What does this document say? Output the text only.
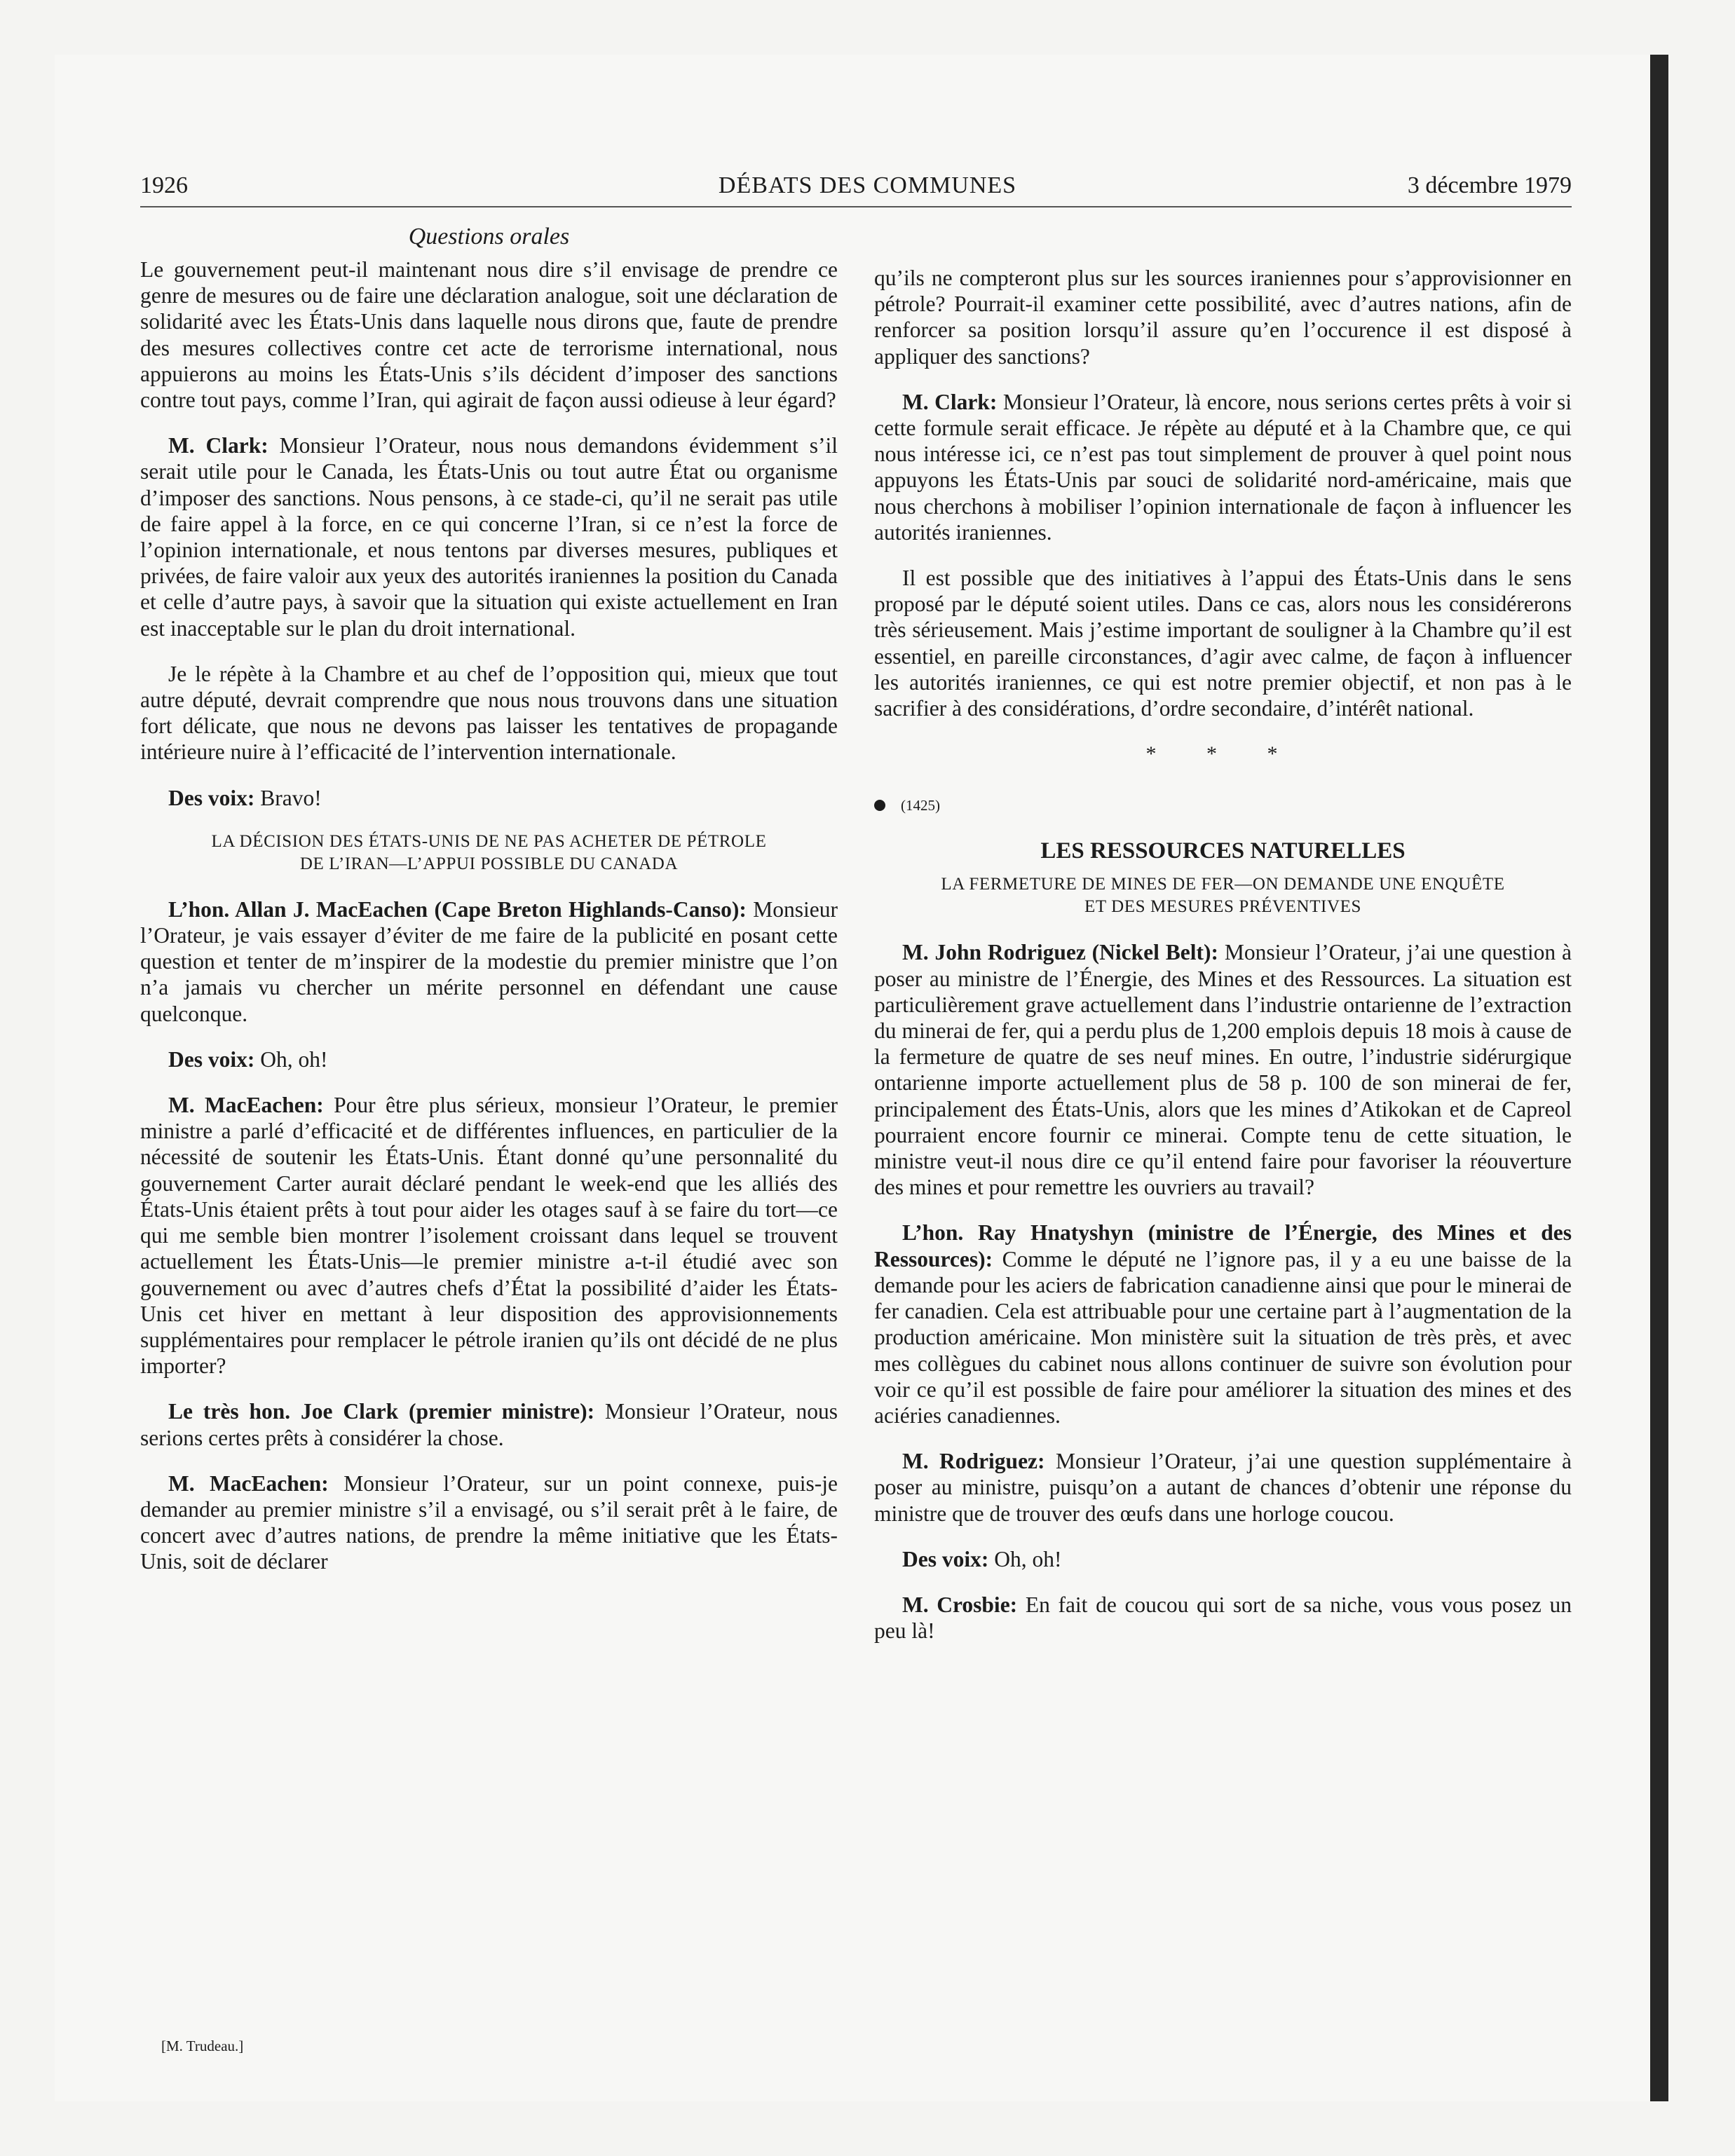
1926	DÉBATS DES COMMUNES	3 décembre 1979
Questions orales

Le gouvernement peut-il maintenant nous dire s’il envisage de prendre ce genre de mesures ou de faire une déclaration analogue, soit une déclaration de solidarité avec les États-Unis dans laquelle nous dirons que, faute de prendre des mesures collectives contre cet acte de terrorisme international, nous appuierons au moins les États-Unis s’ils décident d’imposer des sanctions contre tout pays, comme l’Iran, qui agirait de façon aussi odieuse à leur égard?

M. Clark: Monsieur l’Orateur, nous nous demandons évidemment s’il serait utile pour le Canada, les États-Unis ou tout autre État ou organisme d’imposer des sanctions. Nous pensons, à ce stade-ci, qu’il ne serait pas utile de faire appel à la force, en ce qui concerne l’Iran, si ce n’est la force de l’opinion internationale, et nous tentons par diverses mesures, publiques et privées, de faire valoir aux yeux des autorités iraniennes la position du Canada et celle d’autre pays, à savoir que la situation qui existe actuellement en Iran est inacceptable sur le plan du droit international.

Je le répète à la Chambre et au chef de l’opposition qui, mieux que tout autre député, devrait comprendre que nous nous trouvons dans une situation fort délicate, que nous ne devons pas laisser les tentatives de propagande intérieure nuire à l’efficacité de l’intervention internationale.

Des voix: Bravo!

LA DÉCISION DES ÉTATS-UNIS DE NE PAS ACHETER DE PÉTROLE
DE L’IRAN—L’APPUI POSSIBLE DU CANADA

L’hon. Allan J. MacEachen (Cape Breton Highlands-Canso): Monsieur l’Orateur, je vais essayer d’éviter de me faire de la publicité en posant cette question et tenter de m’inspirer de la modestie du premier ministre que l’on n’a jamais vu chercher un mérite personnel en défendant une cause quelconque.

Des voix: Oh, oh!

M. MacEachen: Pour être plus sérieux, monsieur l’Orateur, le premier ministre a parlé d’efficacité et de différentes influences, en particulier de la nécessité de soutenir les États-Unis. Étant donné qu’une personnalité du gouvernement Carter aurait déclaré pendant le week-end que les alliés des États-Unis étaient prêts à tout pour aider les otages sauf à se faire du tort—ce qui me semble bien montrer l’isolement croissant dans lequel se trouvent actuellement les États-Unis—le premier ministre a-t-il étudié avec son gouvernement ou avec d’autres chefs d’État la possibilité d’aider les États-Unis cet hiver en mettant à leur disposition des approvisionnements supplémentaires pour remplacer le pétrole iranien qu’ils ont décidé de ne plus importer?

Le très hon. Joe Clark (premier ministre): Monsieur l’Orateur, nous serions certes prêts à considérer la chose.

M. MacEachen: Monsieur l’Orateur, sur un point connexe, puis-je demander au premier ministre s’il a envisagé, ou s’il serait prêt à le faire, de concert avec d’autres nations, de prendre la même initiative que les États-Unis, soit de déclarer

[M. Trudeau.]

qu’ils ne compteront plus sur les sources iraniennes pour s’approvisionner en pétrole? Pourrait-il examiner cette possibilité, avec d’autres nations, afin de renforcer sa position lorsqu’il assure qu’en l’occurence il est disposé à appliquer des sanctions?

M. Clark: Monsieur l’Orateur, là encore, nous serions certes prêts à voir si cette formule serait efficace. Je répète au député et à la Chambre que, ce qui nous intéresse ici, ce n’est pas tout simplement de prouver à quel point nous appuyons les États-Unis par souci de solidarité nord-américaine, mais que nous cherchons à mobiliser l’opinion internationale de façon à influencer les autorités iraniennes.

Il est possible que des initiatives à l’appui des États-Unis dans le sens proposé par le député soient utiles. Dans ce cas, alors nous les considérerons très sérieusement. Mais j’estime important de souligner à la Chambre qu’il est essentiel, en pareille circonstances, d’agir avec calme, de façon à influencer les autorités iraniennes, ce qui est notre premier objectif, et non pas à le sacrifier à des considérations, d’ordre secondaire, d’intérêt national.

* * *
(1425)
LES RESSOURCES NATURELLES
LA FERMETURE DE MINES DE FER—ON DEMANDE UNE ENQUÊTE
ET DES MESURES PRÉVENTIVES

M. John Rodriguez (Nickel Belt): Monsieur l’Orateur, j’ai une question à poser au ministre de l’Énergie, des Mines et des Ressources. La situation est particulièrement grave actuellement dans l’industrie ontarienne de l’extraction du minerai de fer, qui a perdu plus de 1,200 emplois depuis 18 mois à cause de la fermeture de quatre de ses neuf mines. En outre, l’industrie sidérurgique ontarienne importe actuellement plus de 58 p. 100 de son minerai de fer, principalement des États-Unis, alors que les mines d’Atikokan et de Capreol pourraient encore fournir ce minerai. Compte tenu de cette situation, le ministre veut-il nous dire ce qu’il entend faire pour favoriser la réouverture des mines et pour remettre les ouvriers au travail?

L’hon. Ray Hnatyshyn (ministre de l’Énergie, des Mines et des Ressources): Comme le député ne l’ignore pas, il y a eu une baisse de la demande pour les aciers de fabrication canadienne ainsi que pour le minerai de fer canadien. Cela est attribuable pour une certaine part à l’augmentation de la production américaine. Mon ministère suit la situation de très près, et avec mes collègues du cabinet nous allons continuer de suivre son évolution pour voir ce qu’il est possible de faire pour améliorer la situation des mines et des aciéries canadiennes.

M. Rodriguez: Monsieur l’Orateur, j’ai une question supplémentaire à poser au ministre, puisqu’on a autant de chances d’obtenir une réponse du ministre que de trouver des œufs dans une horloge coucou.

Des voix: Oh, oh!

M. Crosbie: En fait de coucou qui sort de sa niche, vous vous posez un peu là!
